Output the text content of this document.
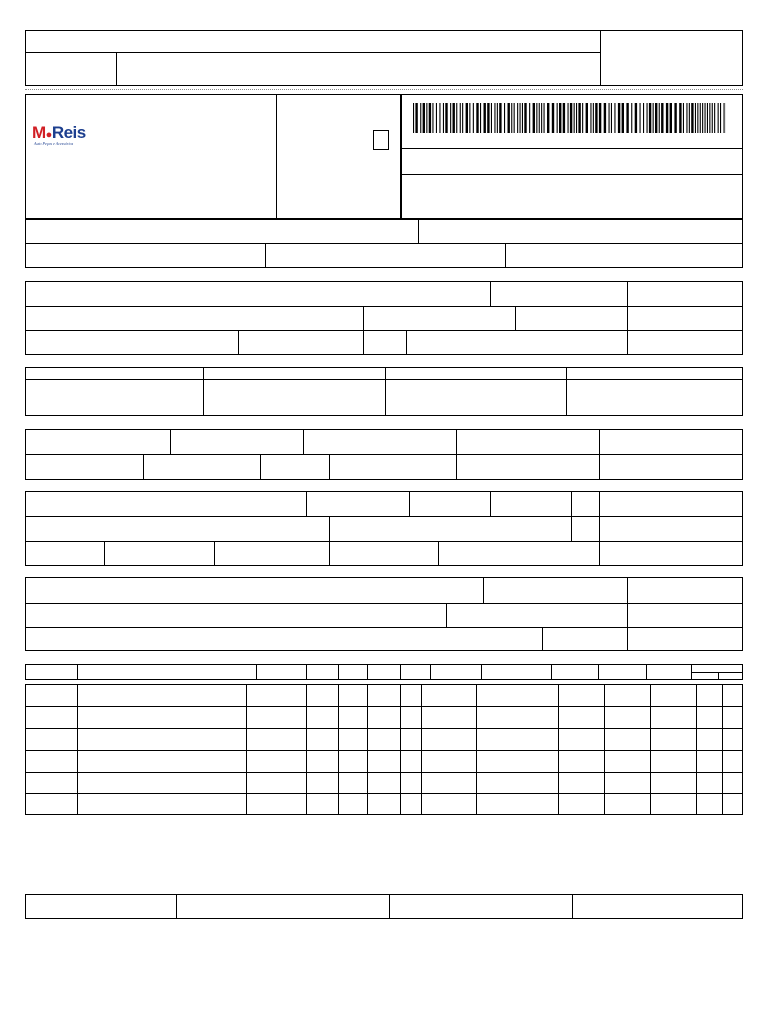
M●Reis
Auto Peças e Acessórios
